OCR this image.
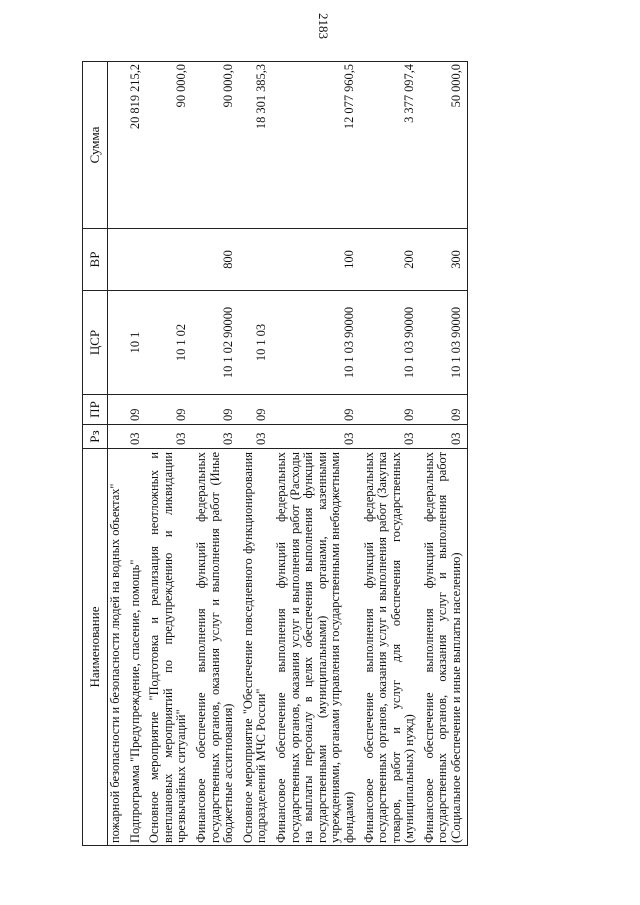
2183
Наименование	Рз	ПР	ЦСР	ВР	Сумма
пожарной безопасности и безопасности людей на водных объектах"					
Подпрограмма "Предупреждение, спасение, помощь"	03	09	10 1		20 819 215,2
Основное мероприятие "Подготовка и реализация неотложных и внеплановых мероприятий по предупреждению и ликвидации чрезвычайных ситуаций"	03	09	10 1 02		90 000,0
Финансовое обеспечение выполнения функций федеральных государственных органов, оказания услуг и выполнения работ (Иные бюджетные ассигнования)	03	09	10 1 02 90000	800	90 000,0
Основное мероприятие "Обеспечение повседневного функционирования подразделений МЧС России"	03	09	10 1 03		18 301 385,3
Финансовое обеспечение выполнения функций федеральных государственных органов, оказания услуг и выполнения работ (Расходы на выплаты персоналу в целях обеспечения выполнения функций государственными (муниципальными) органами, казенными учреждениями, органами управления государственными внебюджетными фондами)	03	09	10 1 03 90000	100	12 077 960,5
Финансовое обеспечение выполнения функций федеральных государственных органов, оказания услуг и выполнения работ (Закупка товаров, работ и услуг для обеспечения государственных (муниципальных) нужд)	03	09	10 1 03 90000	200	3 377 097,4
Финансовое обеспечение выполнения функций федеральных государственных органов, оказания услуг и выполнения работ (Социальное обеспечение и иные выплаты населению)	03	09	10 1 03 90000	300	50 000,0
